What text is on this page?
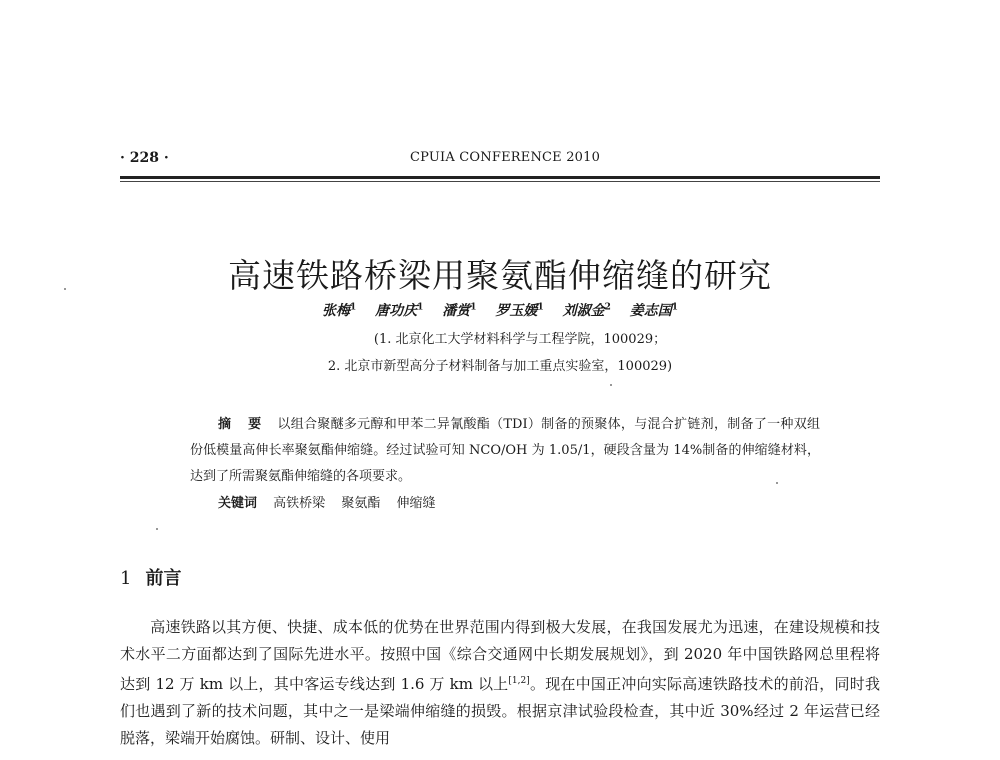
· 228 ·	CPUIA CONFERENCE 2010
高速铁路桥梁用聚氨酯伸缩缝的研究
张梅$^1$ 唐功庆$^1$ 潘赏$^1$ 罗玉媛$^1$ 刘淑金$^2$ 姜志国$^1$
(1. 北京化工大学材料科学与工程学院，100029；
2. 北京市新型高分子材料制备与加工重点实验室，100029)
摘 要 以组合聚醚多元醇和甲苯二异氰酸酯（TDI）制备的预聚体，与混合扩链剂，制备了一种双组份低模量高伸长率聚氨酯伸缩缝。经过试验可知 NCO/OH 为 1.05/1，硬段含量为 14%制备的伸缩缝材料，达到了所需聚氨酯伸缩缝的各项要求。
关键词 高铁桥梁 聚氨酯 伸缩缝
1 前言
高速铁路以其方便、快捷、成本低的优势在世界范围内得到极大发展，在我国发展尤为迅速，在建设规模和技术水平二方面都达到了国际先进水平。按照中国《综合交通网中长期发展规划》，到 2020 年中国铁路网总里程将达到 12 万 km 以上，其中客运专线达到 1.6 万 km 以上[1,2]。现在中国正冲向实际高速铁路技术的前沿，同时我们也遇到了新的技术问题，其中之一是梁端伸缩缝的损毁。根据京津试验段检查，其中近 30%经过 2 年运营已经脱落，梁端开始腐蚀。研制、设计、使用
